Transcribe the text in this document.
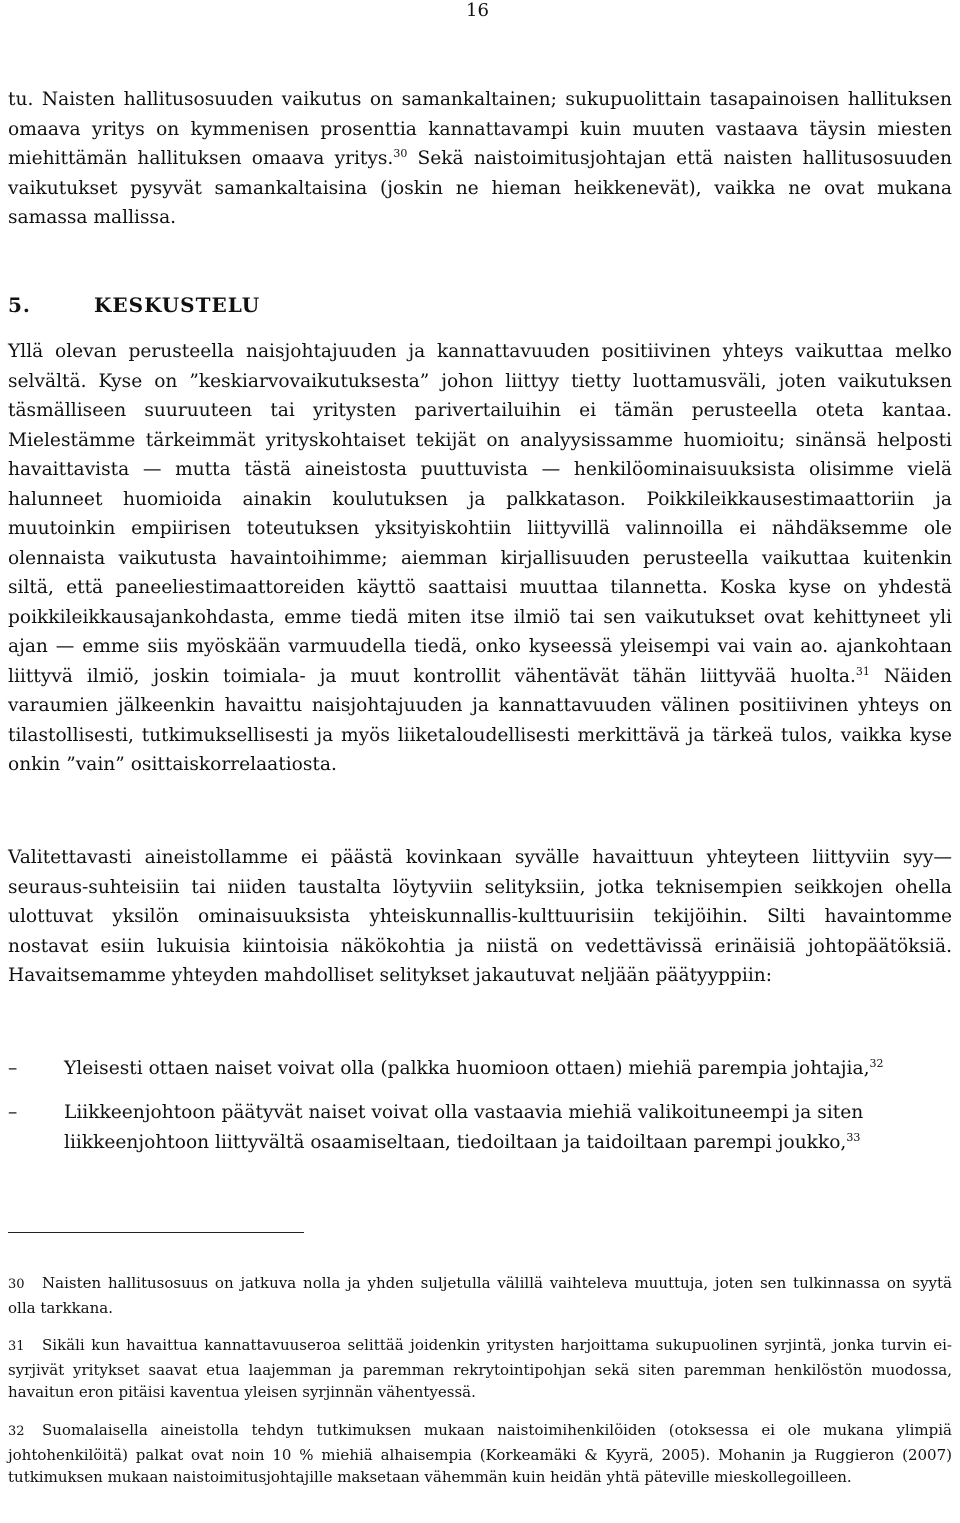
16

tu. Naisten hallitusosuuden vaikutus on samankaltainen; sukupuolittain tasapainoisen hallituksen omaava yritys on kymmenisen prosenttia kannattavampi kuin muuten vastaava täysin miesten miehittämän hallituksen omaava yritys.$^{30}$ Sekä naistoimitusjohtajan että naisten hallitusosuuden vaikutukset pysyvät samankaltaisina (joskin ne hieman heikkenevät), vaikka ne ovat mukana samassa mallissa.

5.	KESKUSTELU

Yllä olevan perusteella naisjohtajuuden ja kannattavuuden positiivinen yhteys vaikuttaa melko selvältä. Kyse on ”keskiarvovaikutuksesta” johon liittyy tietty luottamusväli, joten vaikutuksen täsmälliseen suuruuteen tai yritysten parivertailuihin ei tämän perusteella oteta kantaa. Mielestämme tärkeimmät yrityskohtaiset tekijät on analyysissamme huomioitu; sinänsä helposti havaittavista — mutta tästä aineistosta puuttuvista — henkilöominaisuuksista olisimme vielä halunneet huomioida ainakin koulutuksen ja palkkatason. Poikkileikkausestimaattoriin ja muutoinkin empiirisen toteutuksen yksityiskohtiin liittyvillä valinnoilla ei nähdäksemme ole olennaista vaikutusta havaintoihimme; aiemman kirjallisuuden perusteella vaikuttaa kuitenkin siltä, että paneeliestimaattoreiden käyttö saattaisi muuttaa tilannetta. Koska kyse on yhdestä poikkileikkausajankohdasta, emme tiedä miten itse ilmiö tai sen vaikutukset ovat kehittyneet yli ajan — emme siis myöskään varmuudella tiedä, onko kyseessä yleisempi vai vain ao. ajankohtaan liittyvä ilmiö, joskin toimiala- ja muut kontrollit vähentävät tähän liittyvää huolta.$^{31}$ Näiden varaumien jälkeenkin havaittu naisjohtajuuden ja kannattavuuden välinen positiivinen yhteys on tilastollisesti, tutkimuksellisesti ja myös liiketaloudellisesti merkittävä ja tärkeä tulos, vaikka kyse onkin ”vain” osittaiskorrelaatiosta.

Valitettavasti aineistollamme ei päästä kovinkaan syvälle havaittuun yhteyteen liittyviin syy—seuraus-suhteisiin tai niiden taustalta löytyviin selityksiin, jotka teknisempien seikkojen ohella ulottuvat yksilön ominaisuuksista yhteiskunnallis-kulttuurisiin tekijöihin. Silti havaintomme nostavat esiin lukuisia kiintoisia näkökohtia ja niistä on vedettävissä erinäisiä johtopäätöksiä. Havaitsemamme yhteyden mahdolliset selitykset jakautuvat neljään päätyyppiin:

–	Yleisesti ottaen naiset voivat olla (palkka huomioon ottaen) miehiä parempia johtajia,$^{32}$
–	Liikkeenjohtoon päätyvät naiset voivat olla vastaavia miehiä valikoituneempi ja siten liikkeenjohtoon liittyvältä osaamiseltaan, tiedoiltaan ja taidoiltaan parempi joukko,$^{33}$

30 Naisten hallitusosuus on jatkuva nolla ja yhden suljetulla välillä vaihteleva muuttuja, joten sen tulkinnassa on syytä olla tarkkana.

31 Sikäli kun havaittua kannattavuuseroa selittää joidenkin yritysten harjoittama sukupuolinen syrjintä, jonka turvin ei-syrjivät yritykset saavat etua laajemman ja paremman rekrytointipohjan sekä siten paremman henkilöstön muodossa, havaitun eron pitäisi kaventua yleisen syrjinnän vähentyessä.

32 Suomalaisella aineistolla tehdyn tutkimuksen mukaan naistoimihenkilöiden (otoksessa ei ole mukana ylimpiä johtohenkilöitä) palkat ovat noin 10 % miehiä alhaisempia (Korkeamäki & Kyyrä, 2005). Mohanin ja Ruggieron (2007) tutkimuksen mukaan naistoimitusjohtajille maksetaan vähemmän kuin heidän yhtä päteville mieskollegoilleen.
